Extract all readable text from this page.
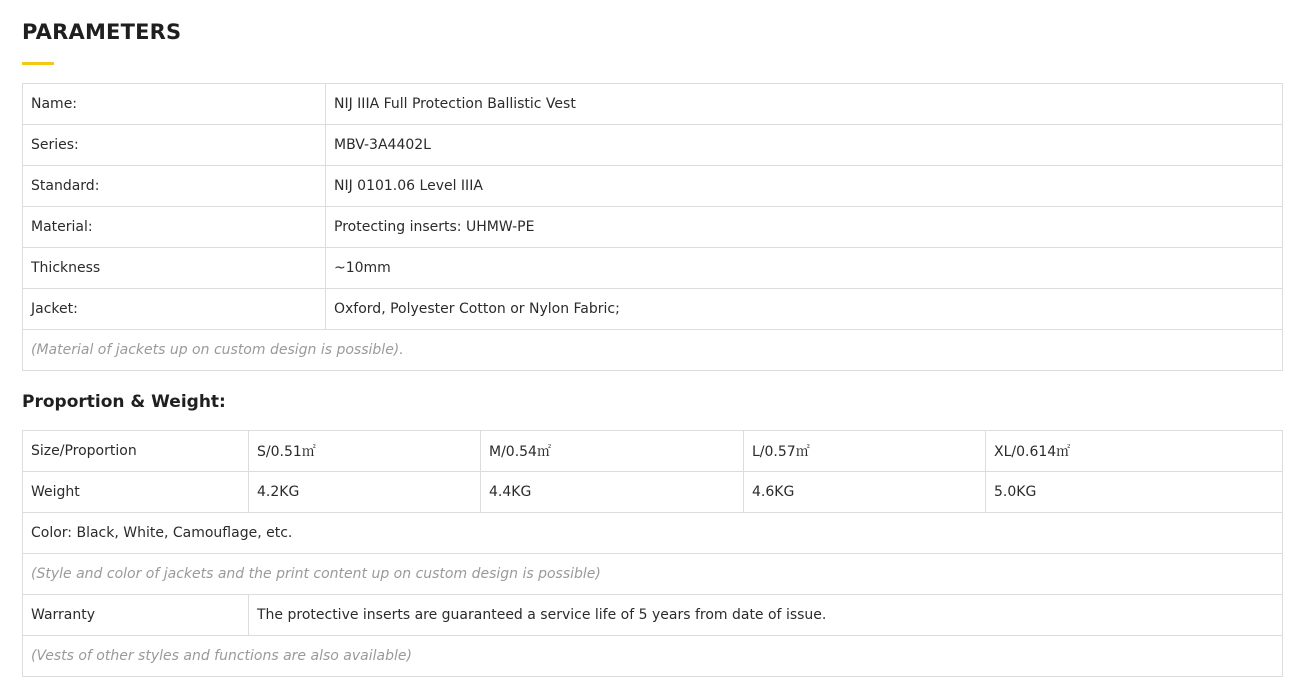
PARAMETERS
Name:	NIJ IIIA Full Protection Ballistic Vest
Series:	MBV-3A4402L
Standard:	NIJ 0101.06 Level IIIA
Material:	Protecting inserts: UHMW-PE
Thickness	~10mm
Jacket:	Oxford, Polyester Cotton or Nylon Fabric;
(Material of jackets up on custom design is possible).	
Proportion & Weight:
Size/Proportion	S/0.51㎡	M/0.54㎡	L/0.57㎡	XL/0.614㎡
Weight	4.2KG	4.4KG	4.6KG	5.0KG
Color: Black, White, Camouflage, etc.				
(Style and color of jackets and the print content up on custom design is possible)				
Warranty	The protective inserts are guaranteed a service life of 5 years from date of issue.			
(Vests of other styles and functions are also available)				
